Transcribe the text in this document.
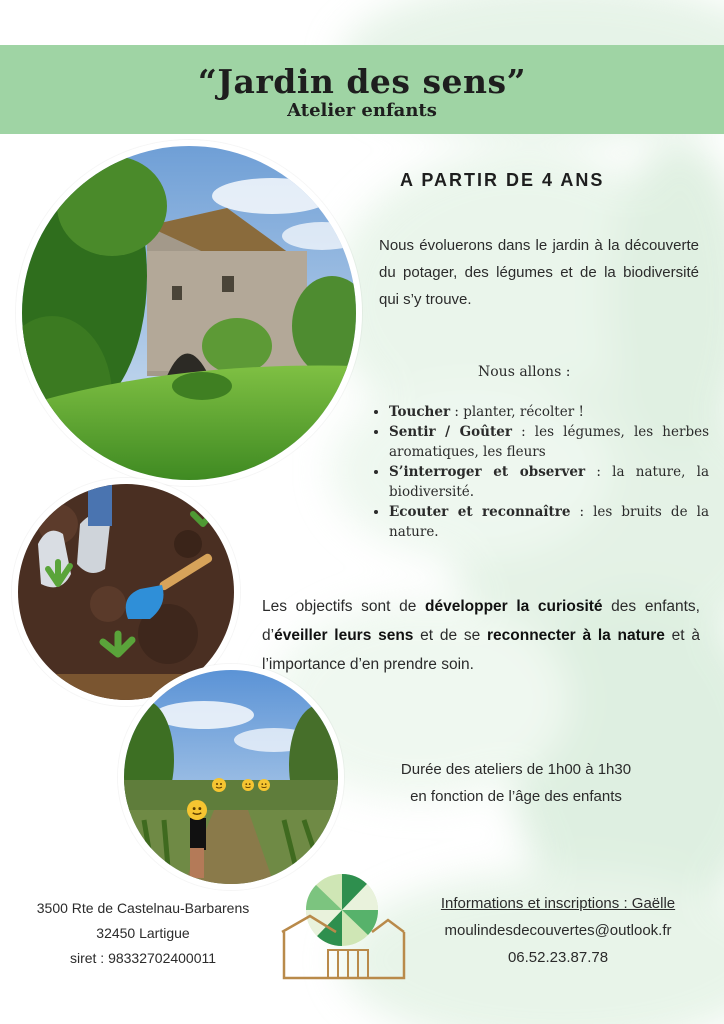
“Jardin des sens”
Atelier enfants
A PARTIR DE 4 ANS
Nous évoluerons dans le jardin à la découverte du potager, des légumes et de la biodiversité qui s’y trouve.
Nous allons :
• Toucher : planter, récolter !
• Sentir / Goûter : les légumes, les herbes aromatiques, les fleurs
• S’interroger et observer : la nature, la biodiversité.
• Ecouter et reconnaître : les bruits de la nature.
Les objectifs sont de développer la curiosité des enfants, d’éveiller leurs sens et de se reconnecter à la nature et à l’importance d’en prendre soin.
Durée des ateliers de 1h00 à 1h30
en fonction de l’âge des enfants
3500 Rte de Castelnau-Barbarens
32450 Lartigue
siret : 98332702400011
Informations et inscriptions : Gaëlle
moulindesdecouvertes@outlook.fr
06.52.23.87.78
